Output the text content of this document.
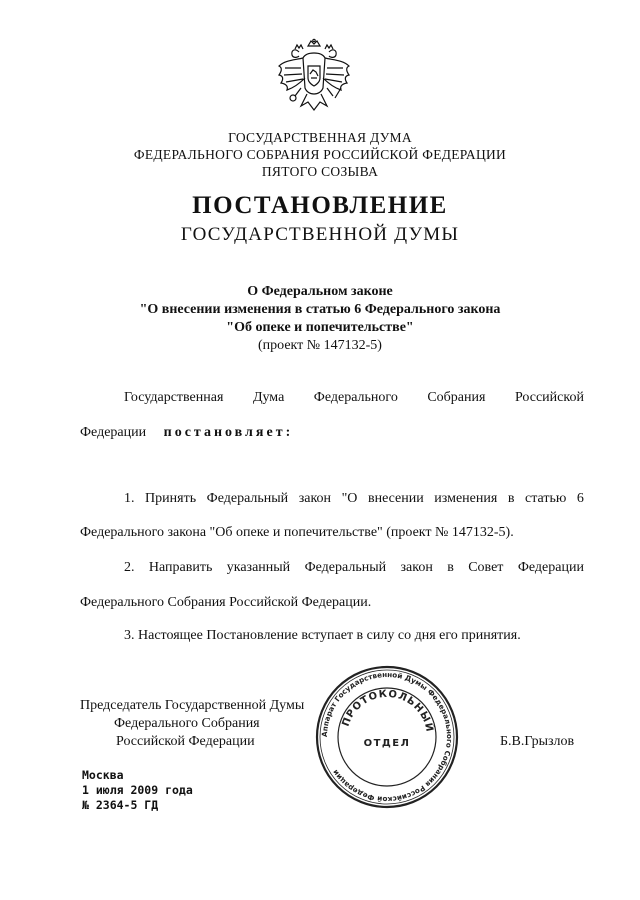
ГОСУДАРСТВЕННАЯ ДУМА
ФЕДЕРАЛЬНОГО СОБРАНИЯ РОССИЙСКОЙ ФЕДЕРАЦИИ
ПЯТОГО СОЗЫВА
ПОСТАНОВЛЕНИЕ
ГОСУДАРСТВЕННОЙ ДУМЫ
О Федеральном законе
"О внесении изменения в статью 6 Федерального закона
"Об опеке и попечительстве"
(проект № 147132-5)
Государственная Дума Федерального Собрания Российской
Федерации постановляет:
1. Принять Федеральный закон "О внесении изменения в статью 6
Федерального закона "Об опеке и попечительстве" (проект № 147132-5).
2. Направить указанный Федеральный закон в Совет Федерации
Федерального Собрания Российской Федерации.
3. Настоящее Постановление вступает в силу со дня его принятия.
Председатель Государственной Думы
Федерального Собрания
Российской Федерации	Б.В.Грызлов
Аппарат Государственной Думы Федерального Собрания Российской Федерации
ПРОТОКОЛЬНЫЙ
ОТДЕЛ
Москва
1 июля 2009 года
№ 2364-5 ГД
